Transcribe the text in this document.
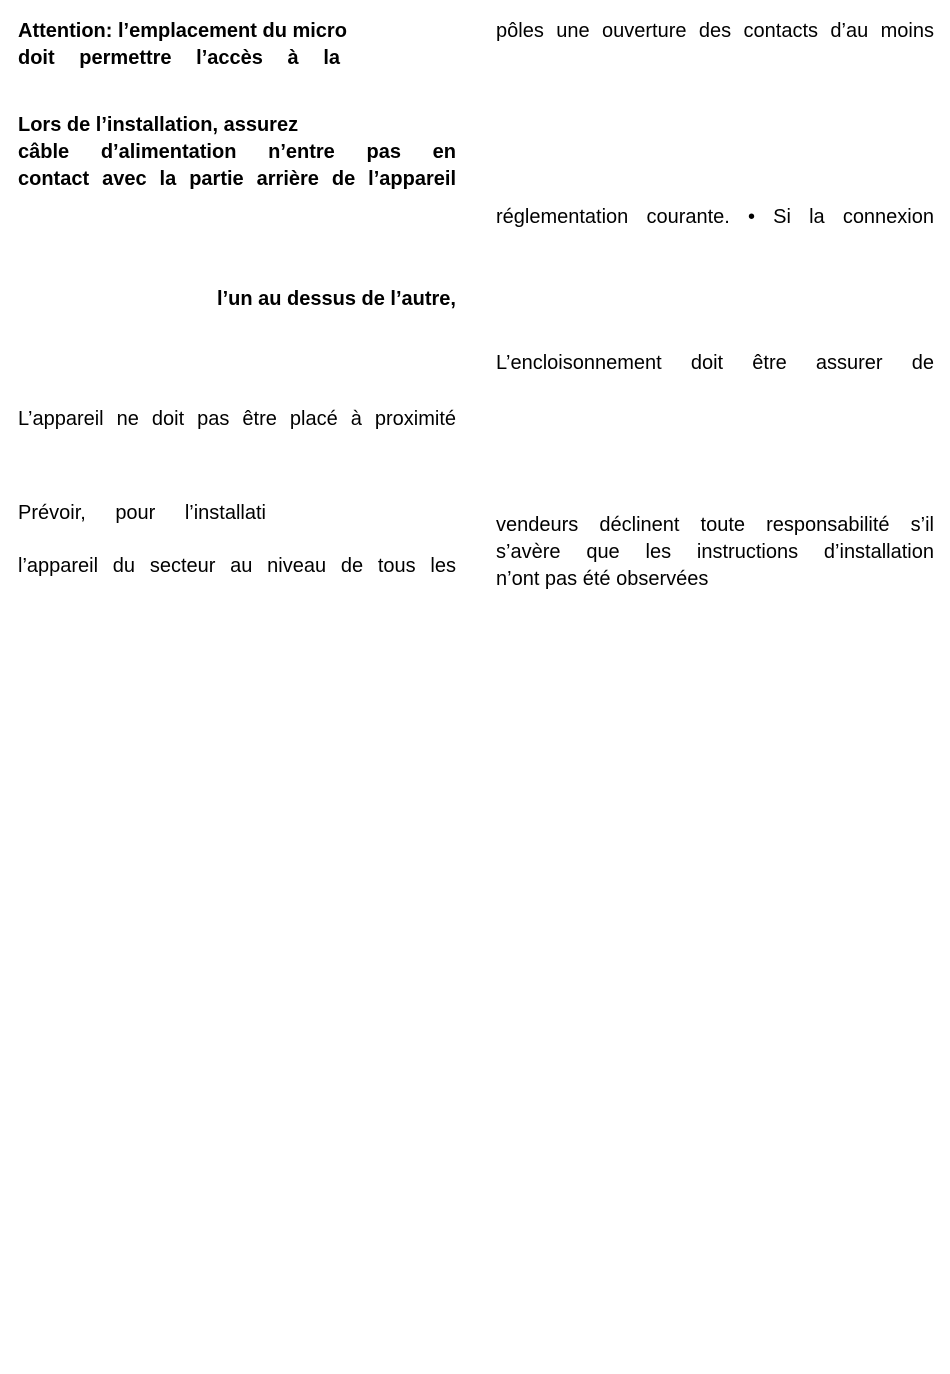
Attention: l’emplacement du micro
doit permettre l’accès à la
Lors de l’installation, assurez
câble d’alimentation n’entre pas en
contact avec la partie arrière de l’appareil
l’un au dessus de l’autre,
L’appareil ne doit pas être placé à proximité
Prévoir, pour l’installati
l’appareil du secteur au niveau de tous les
pôles une ouverture des contacts d’au moins
réglementation courante. • Si la connexion
L’encloisonnement doit être assurer de
vendeurs déclinent toute responsabilité s’il
s’avère que les instructions d’installation
n’ont pas été observées
